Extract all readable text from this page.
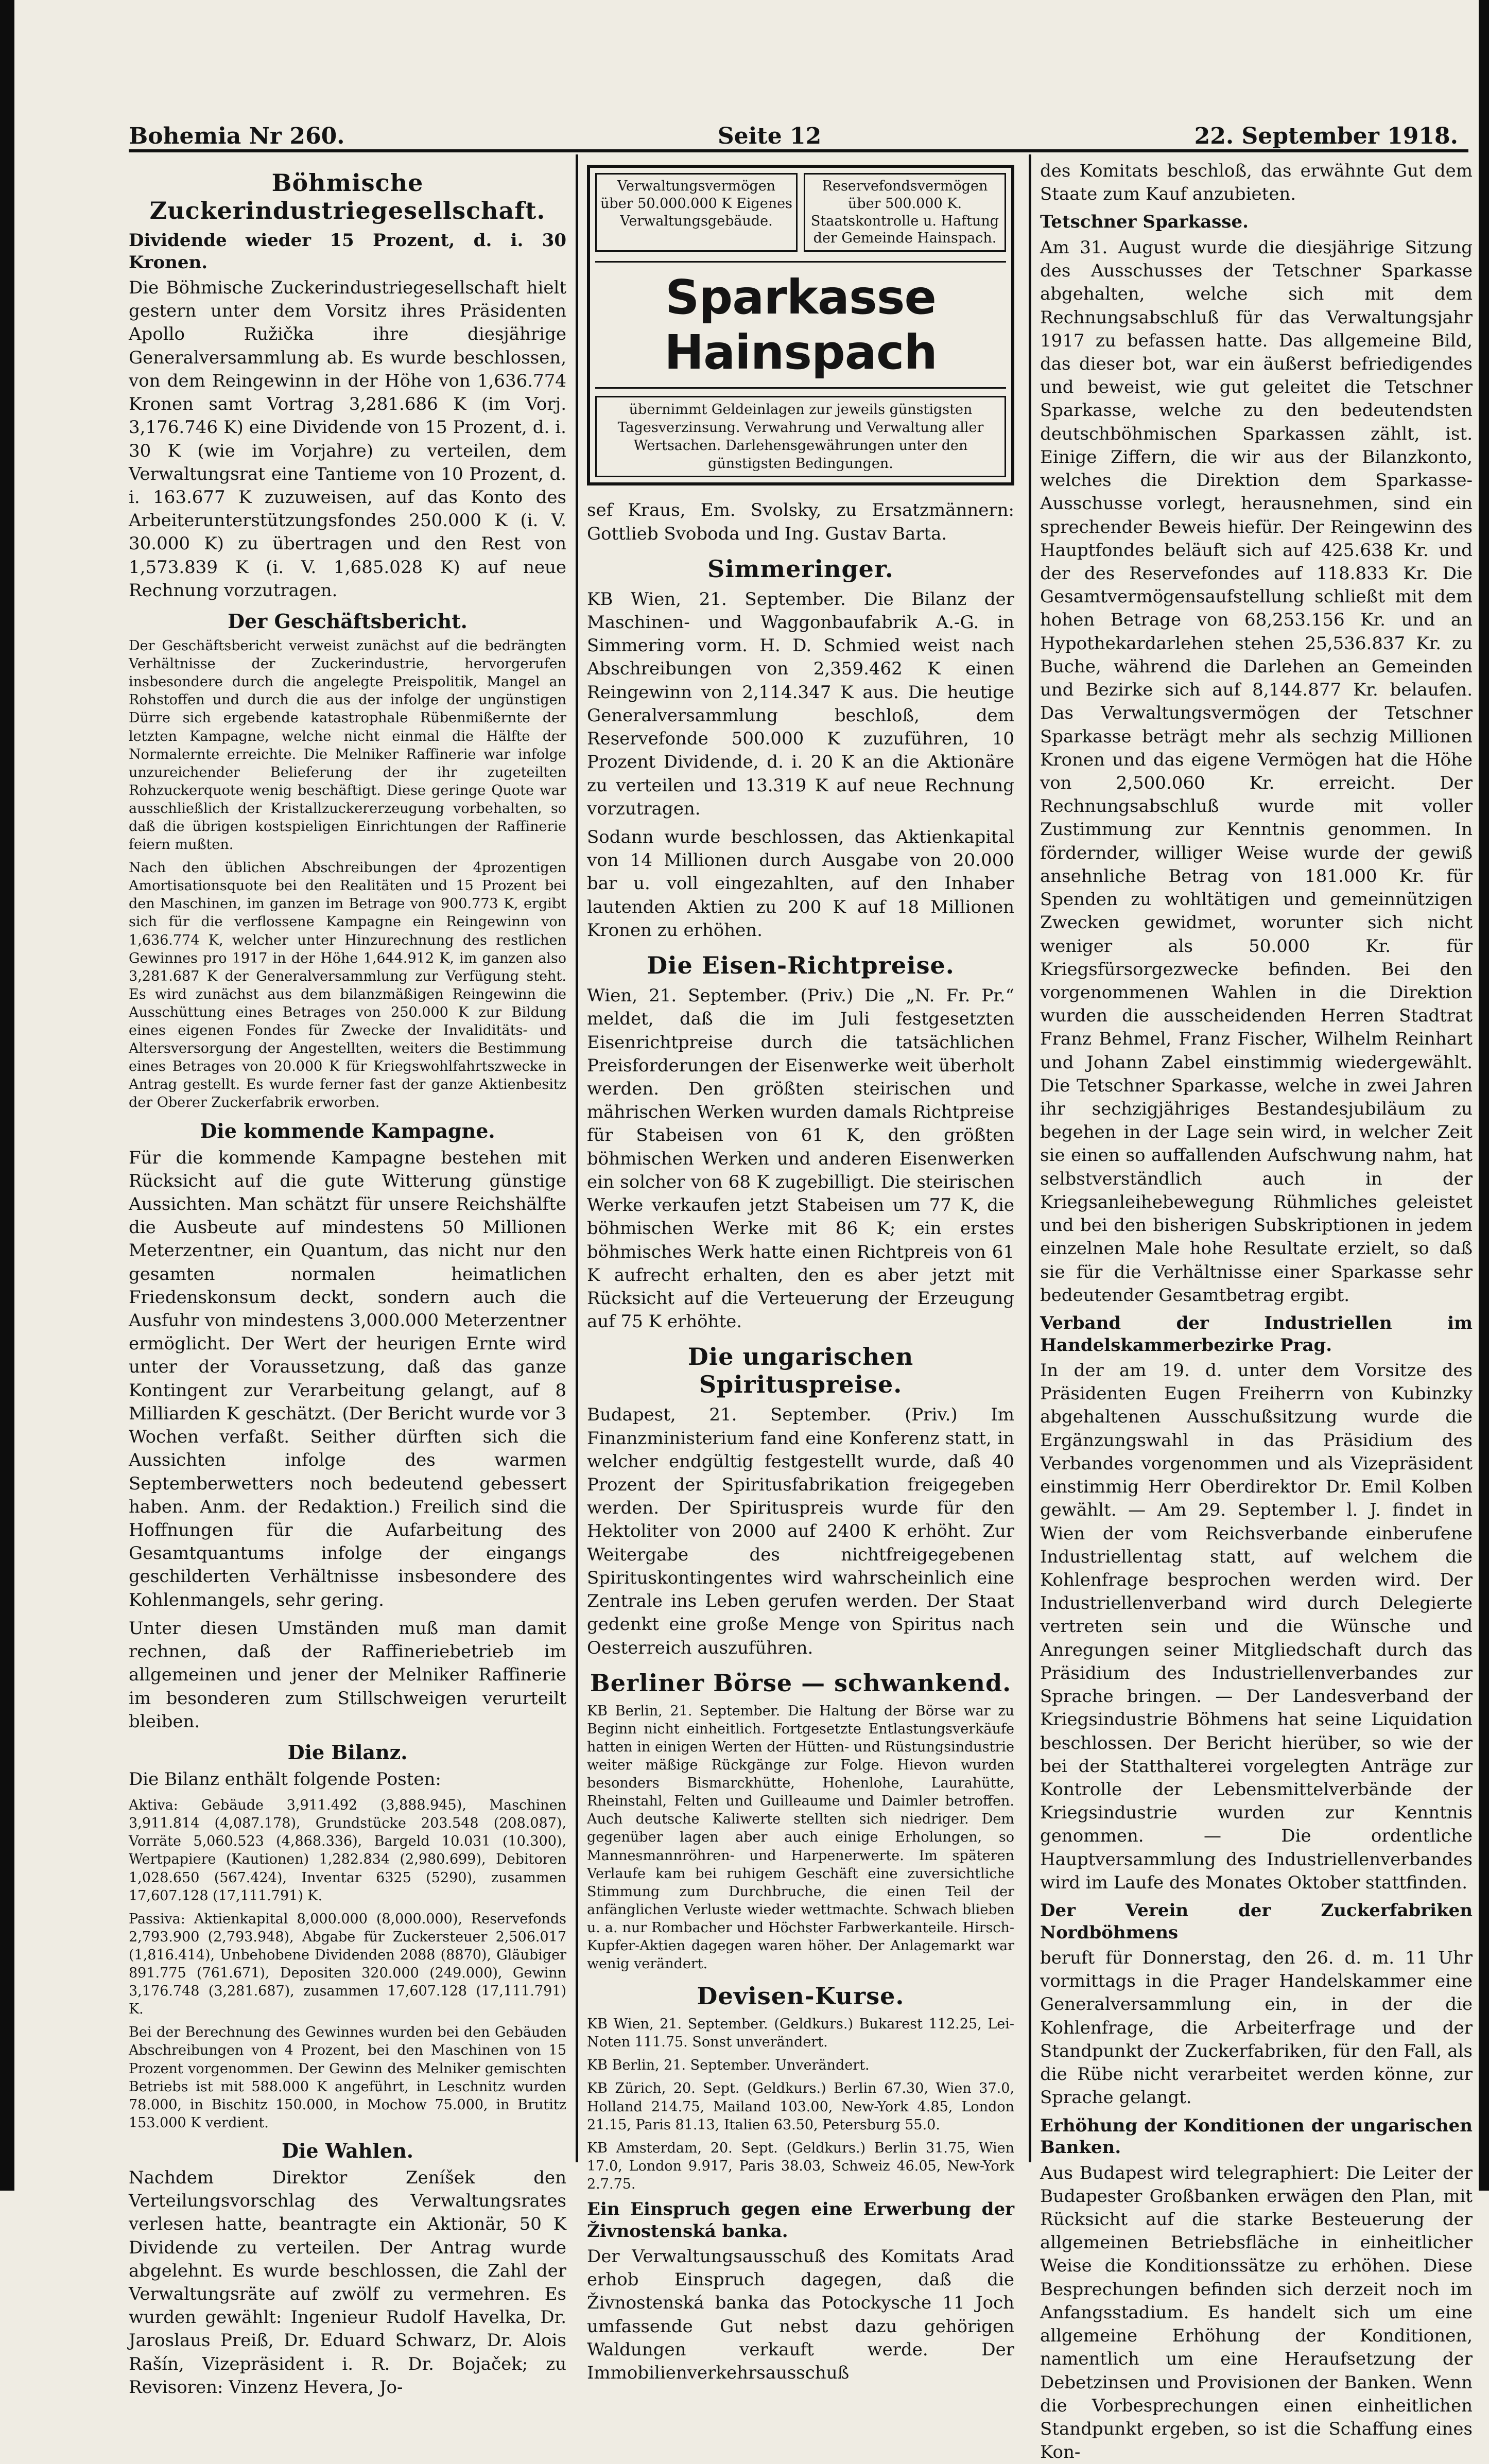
Bohemia Nr 260.	Seite 12	22. September 1918.
Böhmische Zuckerindustriegesellschaft.
Dividende wieder 15 Prozent, d. i. 30 Kronen.

Die Böhmische Zuckerindustriegesellschaft hielt gestern unter dem Vorsitz ihres Präsidenten Apollo Ružička ihre diesjährige Generalversammlung ab. Es wurde beschlossen, von dem Reingewinn in der Höhe von 1,636.774 Kronen samt Vortrag 3,281.686 K (im Vorj. 3,176.746 K) eine Dividende von 15 Prozent, d. i. 30 K (wie im Vorjahre) zu verteilen, dem Verwaltungsrat eine Tantieme von 10 Prozent, d. i. 163.677 K zuzuweisen, auf das Konto des Arbeiterunterstützungsfondes 250.000 K (i. V. 30.000 K) zu übertragen und den Rest von 1,573.839 K (i. V. 1,685.028 K) auf neue Rechnung vorzutragen.

Der Geschäftsbericht.

Der Geschäftsbericht verweist zunächst auf die bedrängten Verhältnisse der Zuckerindustrie, hervorgerufen insbesondere durch die angelegte Preispolitik, Mangel an Rohstoffen und durch die aus der infolge der ungünstigen Dürre sich ergebende katastrophale Rübenmißernte der letzten Kampagne, welche nicht einmal die Hälfte der Normalernte erreichte. Die Melniker Raffinerie war infolge unzureichender Belieferung der ihr zugeteilten Rohzuckerquote wenig beschäftigt. Diese geringe Quote war ausschließlich der Kristallzuckererzeugung vorbehalten, so daß die übrigen kostspieligen Einrichtungen der Raffinerie feiern mußten.

Nach den üblichen Abschreibungen der 4prozentigen Amortisationsquote bei den Realitäten und 15 Prozent bei den Maschinen, im ganzen im Betrage von 900.773 K, ergibt sich für die verflossene Kampagne ein Reingewinn von 1,636.774 K, welcher unter Hinzurechnung des restlichen Gewinnes pro 1917 in der Höhe 1,644.912 K, im ganzen also 3,281.687 K der Generalversammlung zur Verfügung steht. Es wird zunächst aus dem bilanzmäßigen Reingewinn die Ausschüttung eines Betrages von 250.000 K zur Bildung eines eigenen Fondes für Zwecke der Invaliditäts- und Altersversorgung der Angestellten, weiters die Bestimmung eines Betrages von 20.000 K für Kriegswohlfahrtszwecke in Antrag gestellt. Es wurde ferner fast der ganze Aktienbesitz der Oberer Zuckerfabrik erworben.

Die kommende Kampagne.

Für die kommende Kampagne bestehen mit Rücksicht auf die gute Witterung günstige Aussichten. Man schätzt für unsere Reichshälfte die Ausbeute auf mindestens 50 Millionen Meterzentner, ein Quantum, das nicht nur den gesamten normalen heimatlichen Friedenskonsum deckt, sondern auch die Ausfuhr von mindestens 3,000.000 Meterzentner ermöglicht. Der Wert der heurigen Ernte wird unter der Voraussetzung, daß das ganze Kontingent zur Verarbeitung gelangt, auf 8 Milliarden K geschätzt. (Der Bericht wurde vor 3 Wochen verfaßt. Seither dürften sich die Aussichten infolge des warmen Septemberwetters noch bedeutend gebessert haben. Anm. der Redaktion.) Freilich sind die Hoffnungen für die Aufarbeitung des Gesamtquantums infolge der eingangs geschilderten Verhältnisse insbesondere des Kohlenmangels, sehr gering.

Unter diesen Umständen muß man damit rechnen, daß der Raffineriebetrieb im allgemeinen und jener der Melniker Raffinerie im besonderen zum Stillschweigen verurteilt bleiben.

Die Bilanz.

Die Bilanz enthält folgende Posten:

Aktiva: Gebäude 3,911.492 (3,888.945), Maschinen 3,911.814 (4,087.178), Grundstücke 203.548 (208.087), Vorräte 5,060.523 (4,868.336), Bargeld 10.031 (10.300), Wertpapiere (Kautionen) 1,282.834 (2,980.699), Debitoren 1,028.650 (567.424), Inventar 6325 (5290), zusammen 17,607.128 (17,111.791) K.

Passiva: Aktienkapital 8,000.000 (8,000.000), Reservefonds 2,793.900 (2,793.948), Abgabe für Zuckersteuer 2,506.017 (1,816.414), Unbehobene Dividenden 2088 (8870), Gläubiger 891.775 (761.671), Depositen 320.000 (249.000), Gewinn 3,176.748 (3,281.687), zusammen 17,607.128 (17,111.791) K.

Bei der Berechnung des Gewinnes wurden bei den Gebäuden Abschreibungen von 4 Prozent, bei den Maschinen von 15 Prozent vorgenommen. Der Gewinn des Melniker gemischten Betriebs ist mit 588.000 K angeführt, in Leschnitz wurden 78.000, in Bischitz 150.000, in Mochow 75.000, in Brutitz 153.000 K verdient.

Die Wahlen.

Nachdem Direktor Zeníšek den Verteilungsvorschlag des Verwaltungsrates verlesen hatte, beantragte ein Aktionär, 50 K Dividende zu verteilen. Der Antrag wurde abgelehnt. Es wurde beschlossen, die Zahl der Verwaltungsräte auf zwölf zu vermehren. Es wurden gewählt: Ingenieur Rudolf Havelka, Dr. Jaroslaus Preiß, Dr. Eduard Schwarz, Dr. Alois Rašín, Vizepräsident i. R. Dr. Bojaček; zu Revisoren: Vinzenz Hevera, Jo-

Verwaltungsvermögen über 50.000.000 K Eigenes Verwaltungsgebäude.
Reservefondsvermögen über 500.000 K. Staatskontrolle u. Haftung der Gemeinde Hainspach.
Sparkasse Hainspach
übernimmt Geldeinlagen zur jeweils günstigsten Tagesverzinsung. Verwahrung und Verwaltung aller Wertsachen. Darlehensgewährungen unter den günstigsten Bedingungen.

sef Kraus, Em. Svolsky, zu Ersatzmännern: Gottlieb Svoboda und Ing. Gustav Barta.

Simmeringer.

KB Wien, 21. September. Die Bilanz der Maschinen- und Waggonbaufabrik A.-G. in Simmering vorm. H. D. Schmied weist nach Abschreibungen von 2,359.462 K einen Reingewinn von 2,114.347 K aus. Die heutige Generalversammlung beschloß, dem Reservefonde 500.000 K zuzuführen, 10 Prozent Dividende, d. i. 20 K an die Aktionäre zu verteilen und 13.319 K auf neue Rechnung vorzutragen.

Sodann wurde beschlossen, das Aktienkapital von 14 Millionen durch Ausgabe von 20.000 bar u. voll eingezahlten, auf den Inhaber lautenden Aktien zu 200 K auf 18 Millionen Kronen zu erhöhen.

Die Eisen-Richtpreise.

Wien, 21. September. (Priv.) Die „N. Fr. Pr.“ meldet, daß die im Juli festgesetzten Eisenrichtpreise durch die tatsächlichen Preisforderungen der Eisenwerke weit überholt werden. Den größten steirischen und mährischen Werken wurden damals Richtpreise für Stabeisen von 61 K, den größten böhmischen Werken und anderen Eisenwerken ein solcher von 68 K zugebilligt. Die steirischen Werke verkaufen jetzt Stabeisen um 77 K, die böhmischen Werke mit 86 K; ein erstes böhmisches Werk hatte einen Richtpreis von 61 K aufrecht erhalten, den es aber jetzt mit Rücksicht auf die Verteuerung der Erzeugung auf 75 K erhöhte.

Die ungarischen Spirituspreise.

Budapest, 21. September. (Priv.) Im Finanzministerium fand eine Konferenz statt, in welcher endgültig festgestellt wurde, daß 40 Prozent der Spiritusfabrikation freigegeben werden. Der Spirituspreis wurde für den Hektoliter von 2000 auf 2400 K erhöht. Zur Weitergabe des nichtfreigegebenen Spirituskontingentes wird wahrscheinlich eine Zentrale ins Leben gerufen werden. Der Staat gedenkt eine große Menge von Spiritus nach Oesterreich auszuführen.

Berliner Börse — schwankend.

KB Berlin, 21. September. Die Haltung der Börse war zu Beginn nicht einheitlich. Fortgesetzte Entlastungsverkäufe hatten in einigen Werten der Hütten- und Rüstungsindustrie weiter mäßige Rückgänge zur Folge. Hievon wurden besonders Bismarckhütte, Hohenlohe, Laurahütte, Rheinstahl, Felten und Guilleaume und Daimler betroffen. Auch deutsche Kaliwerte stellten sich niedriger. Dem gegenüber lagen aber auch einige Erholungen, so Mannesmannröhren- und Harpenerwerte. Im späteren Verlaufe kam bei ruhigem Geschäft eine zuversichtliche Stimmung zum Durchbruche, die einen Teil der anfänglichen Verluste wieder wettmachte. Schwach blieben u. a. nur Rombacher und Höchster Farbwerkanteile. Hirsch-Kupfer-Aktien dagegen waren höher. Der Anlagemarkt war wenig verändert.

Devisen-Kurse.

KB Wien, 21. September. (Geldkurs.) Bukarest 112.25, Lei-Noten 111.75. Sonst unverändert.

KB Berlin, 21. September. Unverändert.

KB Zürich, 20. Sept. (Geldkurs.) Berlin 67.30, Wien 37.0, Holland 214.75, Mailand 103.00, New-York 4.85, London 21.15, Paris 81.13, Italien 63.50, Petersburg 55.0.

KB Amsterdam, 20. Sept. (Geldkurs.) Berlin 31.75, Wien 17.0, London 9.917, Paris 38.03, Schweiz 46.05, New-York 2.7.75.

Ein Einspruch gegen eine Erwerbung der Živnostenská banka.

Der Verwaltungsausschuß des Komitats Arad erhob Einspruch dagegen, daß die Živnostenská banka das Potockysche 11 Joch umfassende Gut nebst dazu gehörigen Waldungen verkauft werde. Der Immobilienverkehrsausschuß

des Komitats beschloß, das erwähnte Gut dem Staate zum Kauf anzubieten.

Tetschner Sparkasse.

Am 31. August wurde die diesjährige Sitzung des Ausschusses der Tetschner Sparkasse abgehalten, welche sich mit dem Rechnungsabschluß für das Verwaltungsjahr 1917 zu befassen hatte. Das allgemeine Bild, das dieser bot, war ein äußerst befriedigendes und beweist, wie gut geleitet die Tetschner Sparkasse, welche zu den bedeutendsten deutschböhmischen Sparkassen zählt, ist. Einige Ziffern, die wir aus der Bilanzkonto, welches die Direktion dem Sparkasse-Ausschusse vorlegt, herausnehmen, sind ein sprechender Beweis hiefür. Der Reingewinn des Hauptfondes beläuft sich auf 425.638 Kr. und der des Reservefondes auf 118.833 Kr. Die Gesamtvermögensaufstellung schließt mit dem hohen Betrage von 68,253.156 Kr. und an Hypothekardarlehen stehen 25,536.837 Kr. zu Buche, während die Darlehen an Gemeinden und Bezirke sich auf 8,144.877 Kr. belaufen. Das Verwaltungsvermögen der Tetschner Sparkasse beträgt mehr als sechzig Millionen Kronen und das eigene Vermögen hat die Höhe von 2,500.060 Kr. erreicht. Der Rechnungsabschluß wurde mit voller Zustimmung zur Kenntnis genommen. In fördernder, williger Weise wurde der gewiß ansehnliche Betrag von 181.000 Kr. für Spenden zu wohltätigen und gemeinnützigen Zwecken gewidmet, worunter sich nicht weniger als 50.000 Kr. für Kriegsfürsorgezwecke befinden. Bei den vorgenommenen Wahlen in die Direktion wurden die ausscheidenden Herren Stadtrat Franz Behmel, Franz Fischer, Wilhelm Reinhart und Johann Zabel einstimmig wiedergewählt. Die Tetschner Sparkasse, welche in zwei Jahren ihr sechzigjähriges Bestandesjubiläum zu begehen in der Lage sein wird, in welcher Zeit sie einen so auffallenden Aufschwung nahm, hat selbstverständlich auch in der Kriegsanleihebewegung Rühmliches geleistet und bei den bisherigen Subskriptionen in jedem einzelnen Male hohe Resultate erzielt, so daß sie für die Verhältnisse einer Sparkasse sehr bedeutender Gesamtbetrag ergibt.

Verband der Industriellen im Handelskammerbezirke Prag.

In der am 19. d. unter dem Vorsitze des Präsidenten Eugen Freiherrn von Kubinzky abgehaltenen Ausschußsitzung wurde die Ergänzungswahl in das Präsidium des Verbandes vorgenommen und als Vizepräsident einstimmig Herr Oberdirektor Dr. Emil Kolben gewählt. — Am 29. September l. J. findet in Wien der vom Reichsverbande einberufene Industriellentag statt, auf welchem die Kohlenfrage besprochen werden wird. Der Industriellenverband wird durch Delegierte vertreten sein und die Wünsche und Anregungen seiner Mitgliedschaft durch das Präsidium des Industriellenverbandes zur Sprache bringen. — Der Landesverband der Kriegsindustrie Böhmens hat seine Liquidation beschlossen. Der Bericht hierüber, so wie der bei der Statthalterei vorgelegten Anträge zur Kontrolle der Lebensmittelverbände der Kriegsindustrie wurden zur Kenntnis genommen. — Die ordentliche Hauptversammlung des Industriellenverbandes wird im Laufe des Monates Oktober stattfinden.

Der Verein der Zuckerfabriken Nordböhmens

beruft für Donnerstag, den 26. d. m. 11 Uhr vormittags in die Prager Handelskammer eine Generalversammlung ein, in der die Kohlenfrage, die Arbeiterfrage und der Standpunkt der Zuckerfabriken, für den Fall, als die Rübe nicht verarbeitet werden könne, zur Sprache gelangt.

Erhöhung der Konditionen der ungarischen Banken.

Aus Budapest wird telegraphiert: Die Leiter der Budapester Großbanken erwägen den Plan, mit Rücksicht auf die starke Besteuerung der allgemeinen Betriebsfläche in einheitlicher Weise die Konditionssätze zu erhöhen. Diese Besprechungen befinden sich derzeit noch im Anfangsstadium. Es handelt sich um eine allgemeine Erhöhung der Konditionen, namentlich um eine Heraufsetzung der Debetzinsen und Provisionen der Banken. Wenn die Vorbesprechungen einen einheitlichen Standpunkt ergeben, so ist die Schaffung eines Kon-
